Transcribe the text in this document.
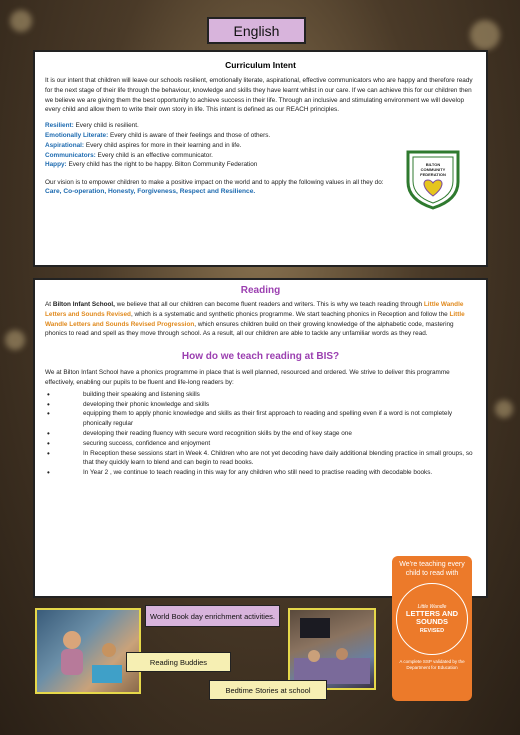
English
Curriculum Intent
It is our intent that children will leave our schools resilient, emotionally literate, aspirational, effective communicators who are happy and therefore ready for the next stage of their life through the behaviour, knowledge and skills they have learnt whilst in our care. If we can achieve this for our children then we believe we are giving them the best opportunity to achieve success in their life. Through an inclusive and stimulating environment we will develop every child and allow them to write their own story in life. This intent is defined as our REACH principles.
Resilient: Every child is resilient.
Emotionally Literate: Every child is aware of their feelings and those of others.
Aspirational: Every child aspires for more in their learning and in life.
Communicators: Every child is an effective communicator.
Happy: Every child has the right to be happy. Bilton Community Federation
Our vision is to empower children to make a positive impact on the world and to apply the following values in all they do:
Care, Co-operation, Honesty, Forgiveness, Respect and Resilience.
BILTON
COMMUNITY
FEDERATION
Reading
At Bilton Infant School, we believe that all our children can become fluent readers and writers. This is why we teach reading through Little Wandle Letters and Sounds Revised, which is a systematic and synthetic phonics programme. We start teaching phonics in Reception and follow the Little Wandle Letters and Sounds Revised Progression, which ensures children build on their growing knowledge of the alphabetic code, mastering phonics to read and spell as they move through school. As a result, all our children are able to tackle any unfamiliar words as they read.
How do we teach reading at BIS?
We at Bilton Infant School have a phonics programme in place that is well planned, resourced and ordered. We strive to deliver this programme effectively, enabling our pupils to be fluent and life-long readers by:
• building their speaking and listening skills
• developing their phonic knowledge and skills
• equipping them to apply phonic knowledge and skills as their first approach to reading and spelling even if a word is not completely phonically regular
• developing their reading fluency with secure word recognition skills by the end of key stage one
• securing success, confidence and enjoyment
• In Reception these sessions start in Week 4. Children who are not yet decoding have daily additional blending practice in small groups, so that they quickly learn to blend and can begin to read books.
• In Year 2 , we continue to teach reading in this way for any children who still need to practise reading with decodable books.
World Book day enrichment activities.
Reading Buddies
Bedtime Stories at school
We're teaching every child to read with
Little Wandle
LETTERS AND SOUNDS
REVISED
A complete SSP validated by the Department for Education
